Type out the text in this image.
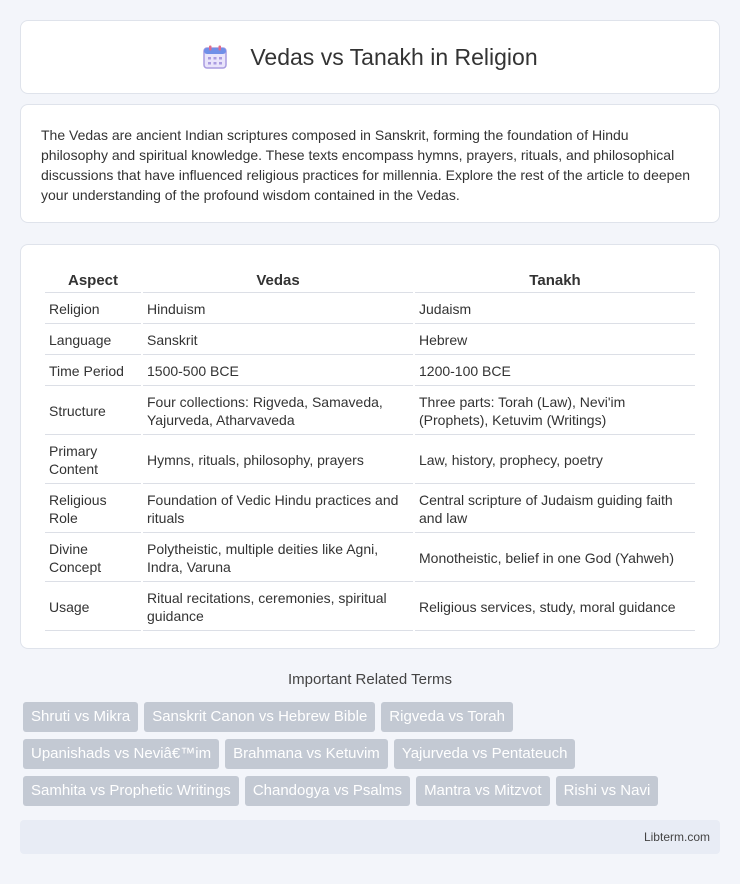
Vedas vs Tanakh in Religion

The Vedas are ancient Indian scriptures composed in Sanskrit, forming the foundation of Hindu philosophy and spiritual knowledge. These texts encompass hymns, prayers, rituals, and philosophical discussions that have influenced religious practices for millennia. Explore the rest of the article to deepen your understanding of the profound wisdom contained in the Vedas.

Aspect	Vedas	Tanakh
Religion	Hinduism	Judaism
Language	Sanskrit	Hebrew
Time Period	1500-500 BCE	1200-100 BCE
Structure	Four collections: Rigveda, Samaveda, Yajurveda, Atharvaveda	Three parts: Torah (Law), Nevi'im (Prophets), Ketuvim (Writings)
Primary Content	Hymns, rituals, philosophy, prayers	Law, history, prophecy, poetry
Religious Role	Foundation of Vedic Hindu practices and rituals	Central scripture of Judaism guiding faith and law
Divine Concept	Polytheistic, multiple deities like Agni, Indra, Varuna	Monotheistic, belief in one God (Yahweh)
Usage	Ritual recitations, ceremonies, spiritual guidance	Religious services, study, moral guidance
Important Related Terms
Shruti vs Mikra	Sanskrit Canon vs Hebrew Bible	Rigveda vs Torah
Upanishads vs Neviâ€™im	Brahmana vs Ketuvim	Yajurveda vs Pentateuch
Samhita vs Prophetic Writings	Chandogya vs Psalms	Mantra vs Mitzvot	Rishi vs Navi
Libterm.com
